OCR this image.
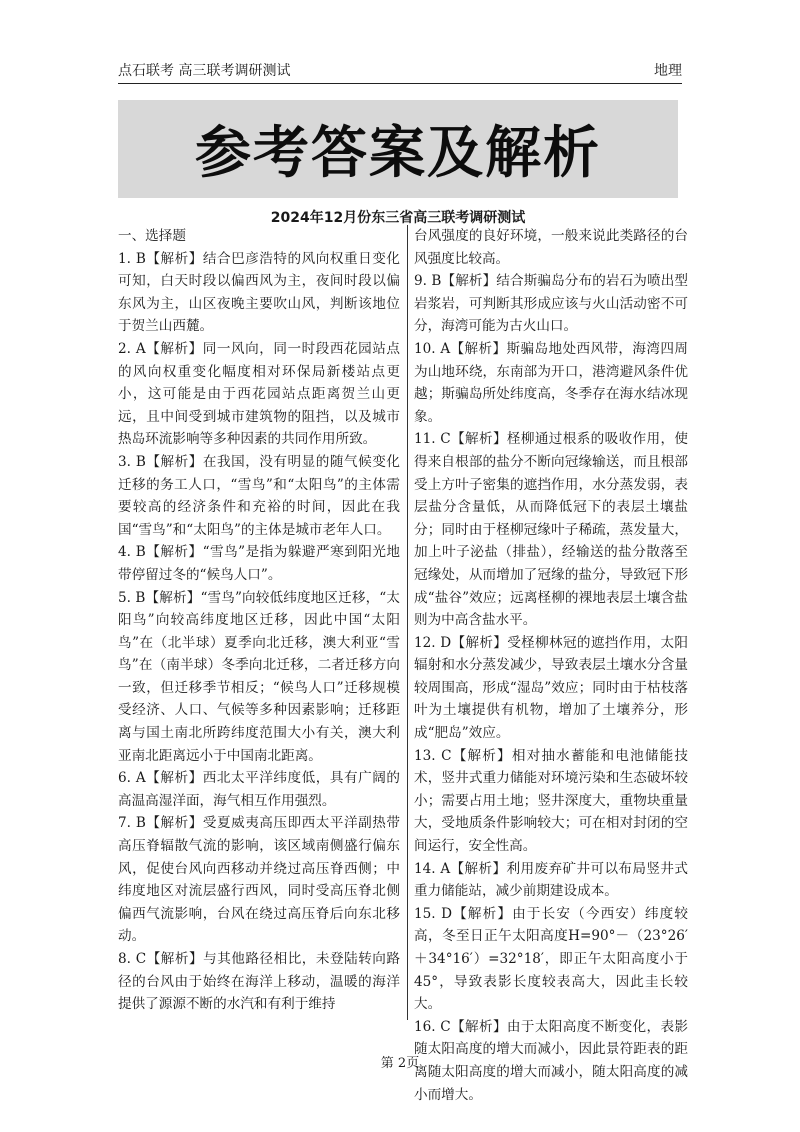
点石联考 高三联考调研测试	地理
参考答案及解析
2024年12月份东三省高三联考调研测试

一、选择题

1. B【解析】结合巴彦浩特的风向权重日变化可知，白天时段以偏西风为主，夜间时段以偏东风为主，山区夜晚主要吹山风，判断该地位于贺兰山西麓。

2. A【解析】同一风向，同一时段西花园站点的风向权重变化幅度相对环保局新楼站点更小，这可能是由于西花园站点距离贺兰山更远，且中间受到城市建筑物的阻挡，以及城市热岛环流影响等多种因素的共同作用所致。

3. B【解析】在我国，没有明显的随气候变化迁移的务工人口，“雪鸟”和“太阳鸟”的主体需要较高的经济条件和充裕的时间，因此在我国“雪鸟”和“太阳鸟”的主体是城市老年人口。

4. B【解析】“雪鸟”是指为躲避严寒到阳光地带停留过冬的“候鸟人口”。

5. B【解析】“雪鸟”向较低纬度地区迁移，“太阳鸟”向较高纬度地区迁移，因此中国“太阳鸟”在（北半球）夏季向北迁移，澳大利亚“雪鸟”在（南半球）冬季向北迁移，二者迁移方向一致，但迁移季节相反；“候鸟人口”迁移规模受经济、人口、气候等多种因素影响；迁移距离与国土南北所跨纬度范围大小有关，澳大利亚南北距离远小于中国南北距离。

6. A【解析】西北太平洋纬度低，具有广阔的高温高湿洋面，海气相互作用强烈。

7. B【解析】受夏威夷高压即西太平洋副热带高压脊辐散气流的影响，该区域南侧盛行偏东风，促使台风向西移动并绕过高压脊西侧；中纬度地区对流层盛行西风，同时受高压脊北侧偏西气流影响，台风在绕过高压脊后向东北移动。

8. C【解析】与其他路径相比，未登陆转向路径的台风由于始终在海洋上移动，温暖的海洋提供了源源不断的水汽和有利于维持

台风强度的良好环境，一般来说此类路径的台风强度比较高。

9. B【解析】结合斯骗岛分布的岩石为喷出型岩浆岩，可判断其形成应该与火山活动密不可分，海湾可能为古火山口。

10. A【解析】斯骗岛地处西风带，海湾四周为山地环绕，东南部为开口，港湾避风条件优越；斯骗岛所处纬度高，冬季存在海水结冰现象。

11. C【解析】柽柳通过根系的吸收作用，使得来自根部的盐分不断向冠缘输送，而且根部受上方叶子密集的遮挡作用，水分蒸发弱，表层盐分含量低，从而降低冠下的表层土壤盐分；同时由于柽柳冠缘叶子稀疏，蒸发量大，加上叶子泌盐（排盐），经输送的盐分散落至冠缘处，从而增加了冠缘的盐分，导致冠下形成“盐谷”效应；远离柽柳的裸地表层土壤含盐则为中高含盐水平。

12. D【解析】受柽柳林冠的遮挡作用，太阳辐射和水分蒸发减少，导致表层土壤水分含量较周围高，形成“湿岛”效应；同时由于枯枝落叶为土壤提供有机物，增加了土壤养分，形成“肥岛”效应。

13. C【解析】相对抽水蓄能和电池储能技术，竖井式重力储能对环境污染和生态破坏较小；需要占用土地；竖井深度大，重物块重量大，受地质条件影响较大；可在相对封闭的空间运行，安全性高。

14. A【解析】利用废弃矿井可以布局竖井式重力储能站，减少前期建设成本。

15. D【解析】由于长安（今西安）纬度较高，冬至日正午太阳高度H=90°－（23°26′＋34°16′）=32°18′，即正午太阳高度小于45°，导致表影长度较表高大，因此圭长较大。

16. C【解析】由于太阳高度不断变化，表影随太阳高度的增大而减小，因此景符距表的距离随太阳高度的增大而减小，随太阳高度的减小而增大。

第 2页
